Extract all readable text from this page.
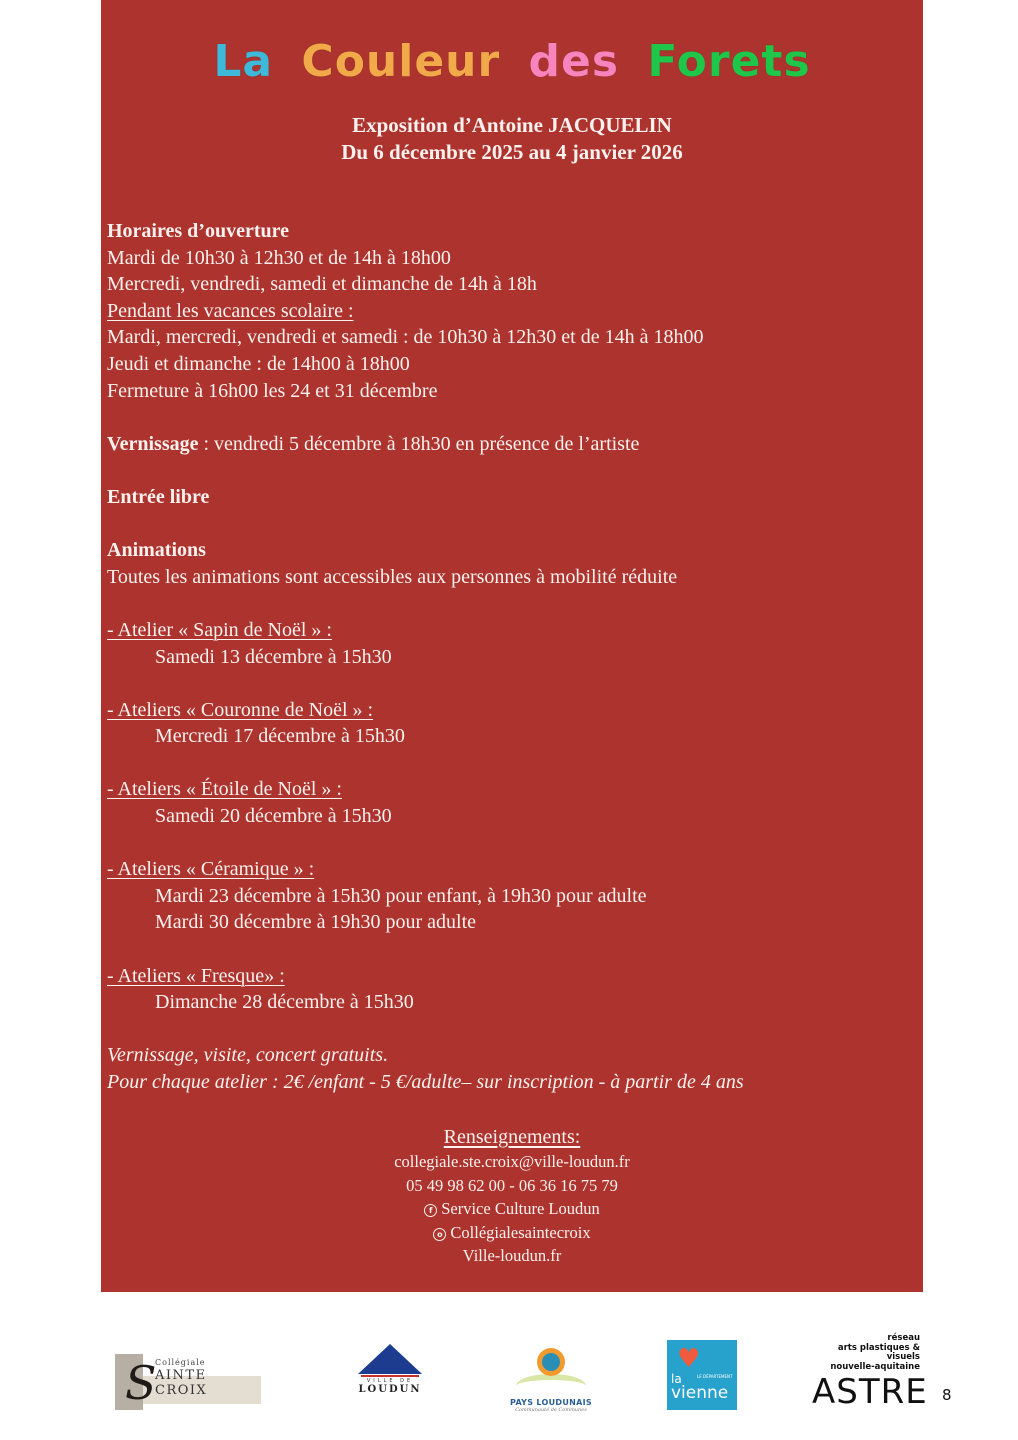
La Couleur des Forets
Exposition d’Antoine JACQUELIN
Du 6 décembre 2025 au 4 janvier 2026
Horaires d’ouverture
Mardi de 10h30 à 12h30 et de 14h à 18h00
Mercredi, vendredi, samedi et dimanche de 14h à 18h
Pendant les vacances scolaire :
Mardi, mercredi, vendredi et samedi : de 10h30 à 12h30 et de 14h à 18h00
Jeudi et dimanche : de 14h00 à 18h00
Fermeture à 16h00 les 24 et 31 décembre
Vernissage : vendredi 5 décembre à 18h30 en présence de l’artiste
Entrée libre
Animations
Toutes les animations sont accessibles aux personnes à mobilité réduite
- Atelier « Sapin de Noël » :
Samedi 13 décembre à 15h30
- Ateliers « Couronne de Noël » :
Mercredi 17 décembre à 15h30
- Ateliers « Étoile de Noël » :
Samedi 20 décembre à 15h30
- Ateliers « Céramique » :
Mardi 23 décembre à 15h30 pour enfant, à 19h30 pour adulte
Mardi 30 décembre à 19h30 pour adulte
- Ateliers « Fresque» :
Dimanche 28 décembre à 15h30
Vernissage, visite, concert gratuits.
Pour chaque atelier : 2€ /enfant - 5 €/adulte– sur inscription - à partir de 4 ans
Renseignements:
collegiale.ste.croix@ville-loudun.fr
05 49 98 62 00 - 06 36 16 75 79
f Service Culture Loudun
o Collégialesaintecroix
Ville-loudun.fr
S
Collégiale
AINTE CROIX
VILLE DE
LOUDUN
PAYS LOUDUNAIS
Communauté de Communes
♥
la	LE DÉPARTEMENT
vienne
réseau
arts plastiques & visuels
nouvelle-aquitaine
ASTRE 8
